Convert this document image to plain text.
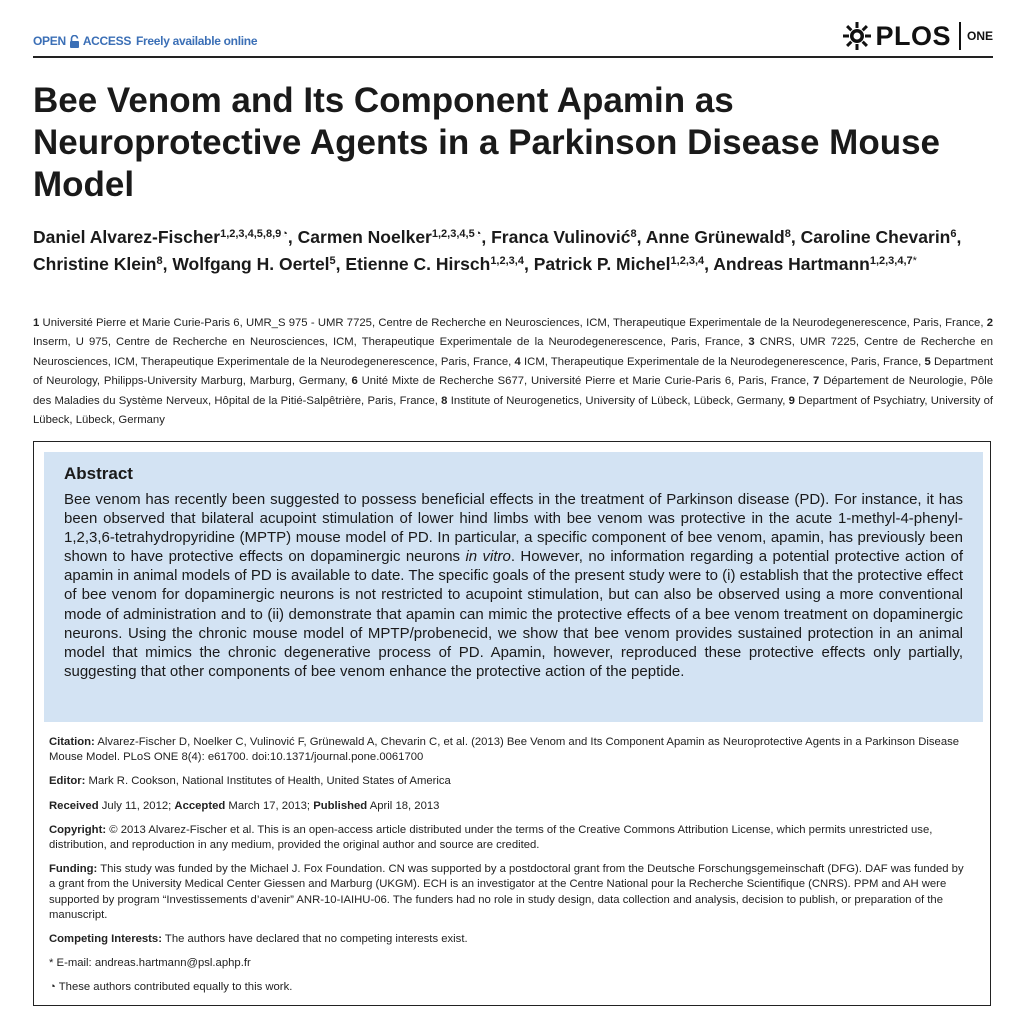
OPEN ACCESS Freely available online	PLOS ONE
Bee Venom and Its Component Apamin as Neuroprotective Agents in a Parkinson Disease Mouse Model
Daniel Alvarez-Fischer$^{1,2,3,4,5,8,9◔}$, Carmen Noelker$^{1,2,3,4,5◔}$, Franca Vulinović$^8$, Anne Grünewald$^8$, Caroline Chevarin$^6$, Christine Klein$^8$, Wolfgang H. Oertel$^5$, Etienne C. Hirsch$^{1,2,3,4}$, Patrick P. Michel$^{1,2,3,4}$, Andreas Hartmann$^{1,2,3,4,7*}$
1 Université Pierre et Marie Curie-Paris 6, UMR_S 975 - UMR 7725, Centre de Recherche en Neurosciences, ICM, Therapeutique Experimentale de la Neurodegenerescence, Paris, France, 2 Inserm, U 975, Centre de Recherche en Neurosciences, ICM, Therapeutique Experimentale de la Neurodegenerescence, Paris, France, 3 CNRS, UMR 7225, Centre de Recherche en Neurosciences, ICM, Therapeutique Experimentale de la Neurodegenerescence, Paris, France, 4 ICM, Therapeutique Experimentale de la Neurodegenerescence, Paris, France, 5 Department of Neurology, Philipps-University Marburg, Marburg, Germany, 6 Unité Mixte de Recherche S677, Université Pierre et Marie Curie-Paris 6, Paris, France, 7 Département de Neurologie, Pôle des Maladies du Système Nerveux, Hôpital de la Pitié-Salpêtrière, Paris, France, 8 Institute of Neurogenetics, University of Lübeck, Lübeck, Germany, 9 Department of Psychiatry, University of Lübeck, Lübeck, Germany
Abstract

Bee venom has recently been suggested to possess beneficial effects in the treatment of Parkinson disease (PD). For instance, it has been observed that bilateral acupoint stimulation of lower hind limbs with bee venom was protective in the acute 1-methyl-4-phenyl-1,2,3,6-tetrahydropyridine (MPTP) mouse model of PD. In particular, a specific component of bee venom, apamin, has previously been shown to have protective effects on dopaminergic neurons in vitro. However, no information regarding a potential protective action of apamin in animal models of PD is available to date. The specific goals of the present study were to (i) establish that the protective effect of bee venom for dopaminergic neurons is not restricted to acupoint stimulation, but can also be observed using a more conventional mode of administration and to (ii) demonstrate that apamin can mimic the protective effects of a bee venom treatment on dopaminergic neurons. Using the chronic mouse model of MPTP/probenecid, we show that bee venom provides sustained protection in an animal model that mimics the chronic degenerative process of PD. Apamin, however, reproduced these protective effects only partially, suggesting that other components of bee venom enhance the protective action of the peptide.

Citation: Alvarez-Fischer D, Noelker C, Vulinović F, Grünewald A, Chevarin C, et al. (2013) Bee Venom and Its Component Apamin as Neuroprotective Agents in a Parkinson Disease Mouse Model. PLoS ONE 8(4): e61700. doi:10.1371/journal.pone.0061700

Editor: Mark R. Cookson, National Institutes of Health, United States of America

Received July 11, 2012; Accepted March 17, 2013; Published April 18, 2013

Copyright: © 2013 Alvarez-Fischer et al. This is an open-access article distributed under the terms of the Creative Commons Attribution License, which permits unrestricted use, distribution, and reproduction in any medium, provided the original author and source are credited.

Funding: This study was funded by the Michael J. Fox Foundation. CN was supported by a postdoctoral grant from the Deutsche Forschungsgemeinschaft (DFG). DAF was funded by a grant from the University Medical Center Giessen and Marburg (UKGM). ECH is an investigator at the Centre National pour la Recherche Scientifique (CNRS). PPM and AH were supported by program “Investissements d’avenir” ANR-10-IAIHU-06. The funders had no role in study design, data collection and analysis, decision to publish, or preparation of the manuscript.

Competing Interests: The authors have declared that no competing interests exist.

* E-mail: andreas.hartmann@psl.aphp.fr

◔ These authors contributed equally to this work.
